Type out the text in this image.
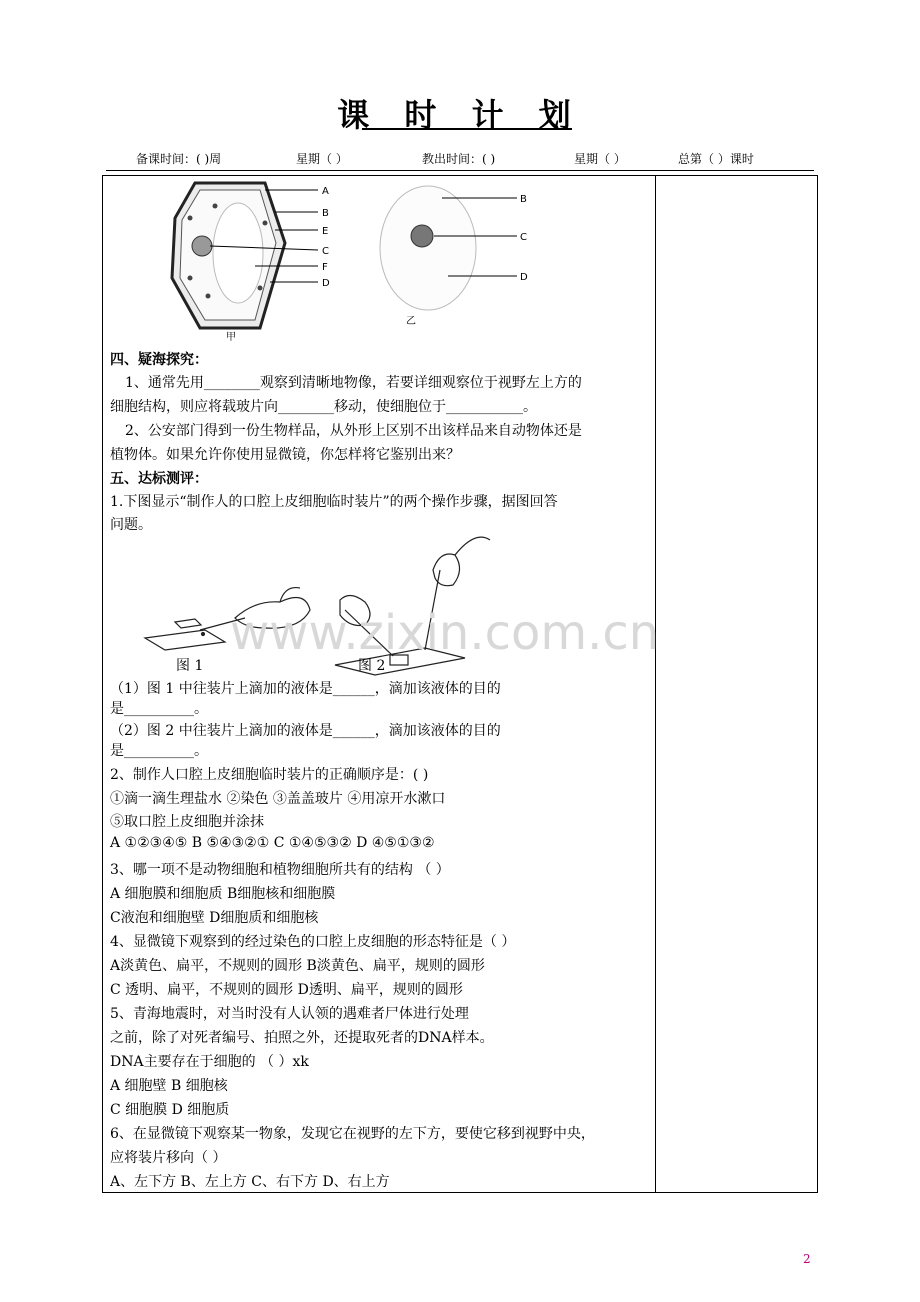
课 时 计 划
备课时间：( )周	星期（ ）	教出时间：( )	星期（ ）	总第（ ）课时
A
B
E
C
F
D
甲
B
C
D
乙
四、疑海探究：
1、通常先用________观察到清晰地物像，若要详细观察位于视野左上方的
细胞结构，则应将载玻片向________移动，使细胞位于___________。
2、公安部门得到一份生物样品，从外形上区别不出该样品来自动物体还是
植物体。如果允许你使用显微镜，你怎样将它鉴别出来？
五、达标测评：
1.下图显示“制作人的口腔上皮细胞临时装片”的两个操作步骤，据图回答
问题。
www.zixin.com.cn
图 1	图 2
（1）图 1 中往装片上滴加的液体是______，滴加该液体的目的
是__________。
（2）图 2 中往装片上滴加的液体是______，滴加该液体的目的
是__________。
2、制作人口腔上皮细胞临时装片的正确顺序是：( )
①滴一滴生理盐水 ②染色 ③盖盖玻片 ④用凉开水漱口
⑤取口腔上皮细胞并涂抹
A ①②③④⑤ B ⑤④③②① C ①④⑤③② D ④⑤①③②
3、哪一项不是动物细胞和植物细胞所共有的结构 （ ）
A 细胞膜和细胞质 B细胞核和细胞膜
C液泡和细胞壁 D细胞质和细胞核
4、显微镜下观察到的经过染色的口腔上皮细胞的形态特征是（ ）
A淡黄色、扁平，不规则的圆形 B淡黄色、扁平，规则的圆形
C 透明、扁平，不规则的圆形 D透明、扁平，规则的圆形
5、青海地震时，对当时没有人认领的遇难者尸体进行处理
之前，除了对死者编号、拍照之外，还提取死者的DNA样本。
DNA主要存在于细胞的 （ ）xk
A 细胞壁 B 细胞核
C 细胞膜 D 细胞质
6、在显微镜下观察某一物象，发现它在视野的左下方，要使它移到视野中央，
应将装片移向（ ）
A、左下方 B、左上方 C、右下方 D、右上方
2
